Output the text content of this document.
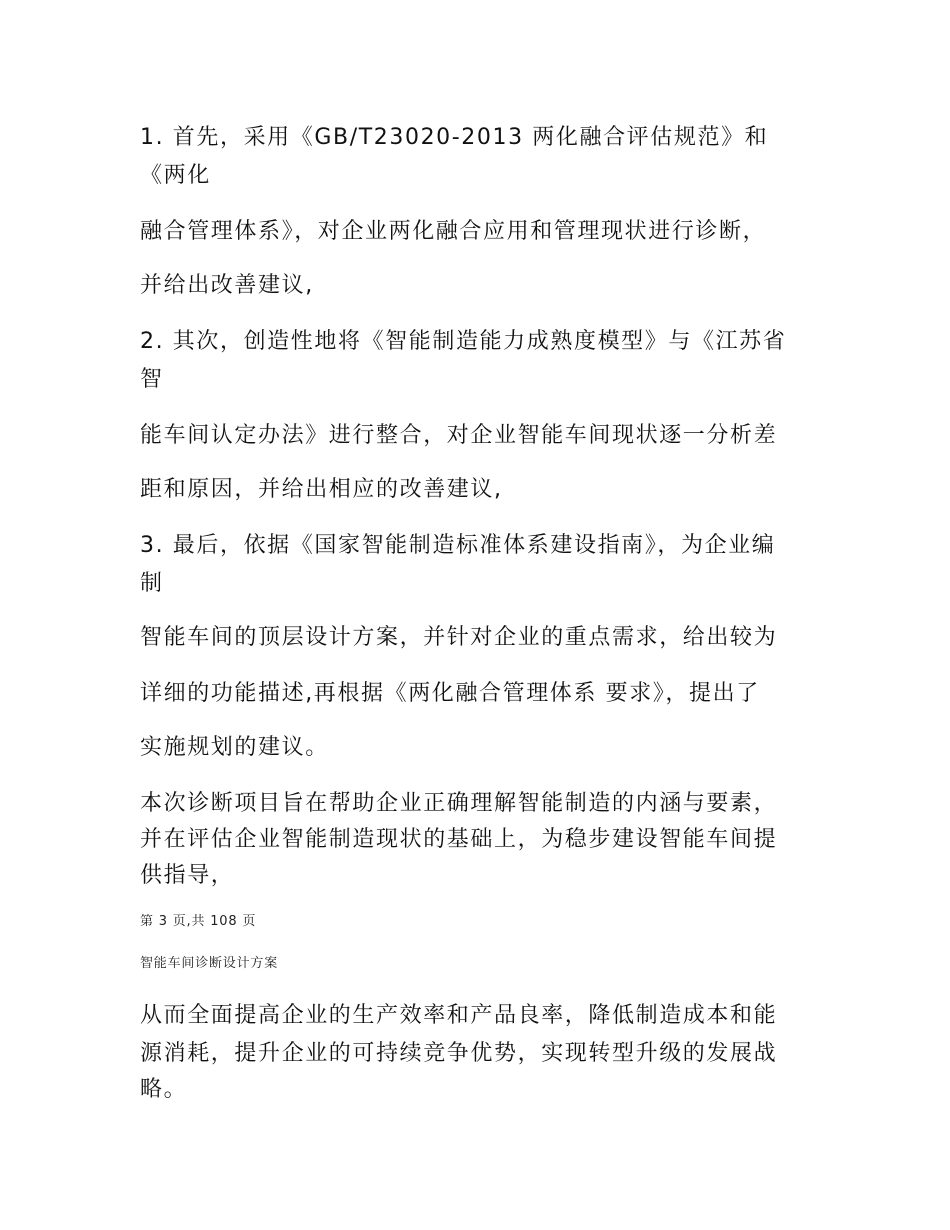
1. 首先，采用《GB/T23020-2013 两化融合评估规范》和

《两化

融合管理体系》，对企业两化融合应用和管理现状进行诊断，

并给出改善建议,

2. 其次，创造性地将《智能制造能力成熟度模型》与《江苏省

智

能车间认定办法》进行整合，对企业智能车间现状逐一分析差

距和原因，并给出相应的改善建议,

3. 最后，依据《国家智能制造标准体系建设指南》，为企业编

制

智能车间的顶层设计方案，并针对企业的重点需求，给出较为

详细的功能描述,再根据《两化融合管理体系 要求》，提出了

实施规划的建议。

本次诊断项目旨在帮助企业正确理解智能制造的内涵与要素，

并在评估企业智能制造现状的基础上，为稳步建设智能车间提

供指导，

第 3 页,共 108 页

智能车间诊断设计方案

从而全面提高企业的生产效率和产品良率，降低制造成本和能

源消耗，提升企业的可持续竞争优势，实现转型升级的发展战

略。
